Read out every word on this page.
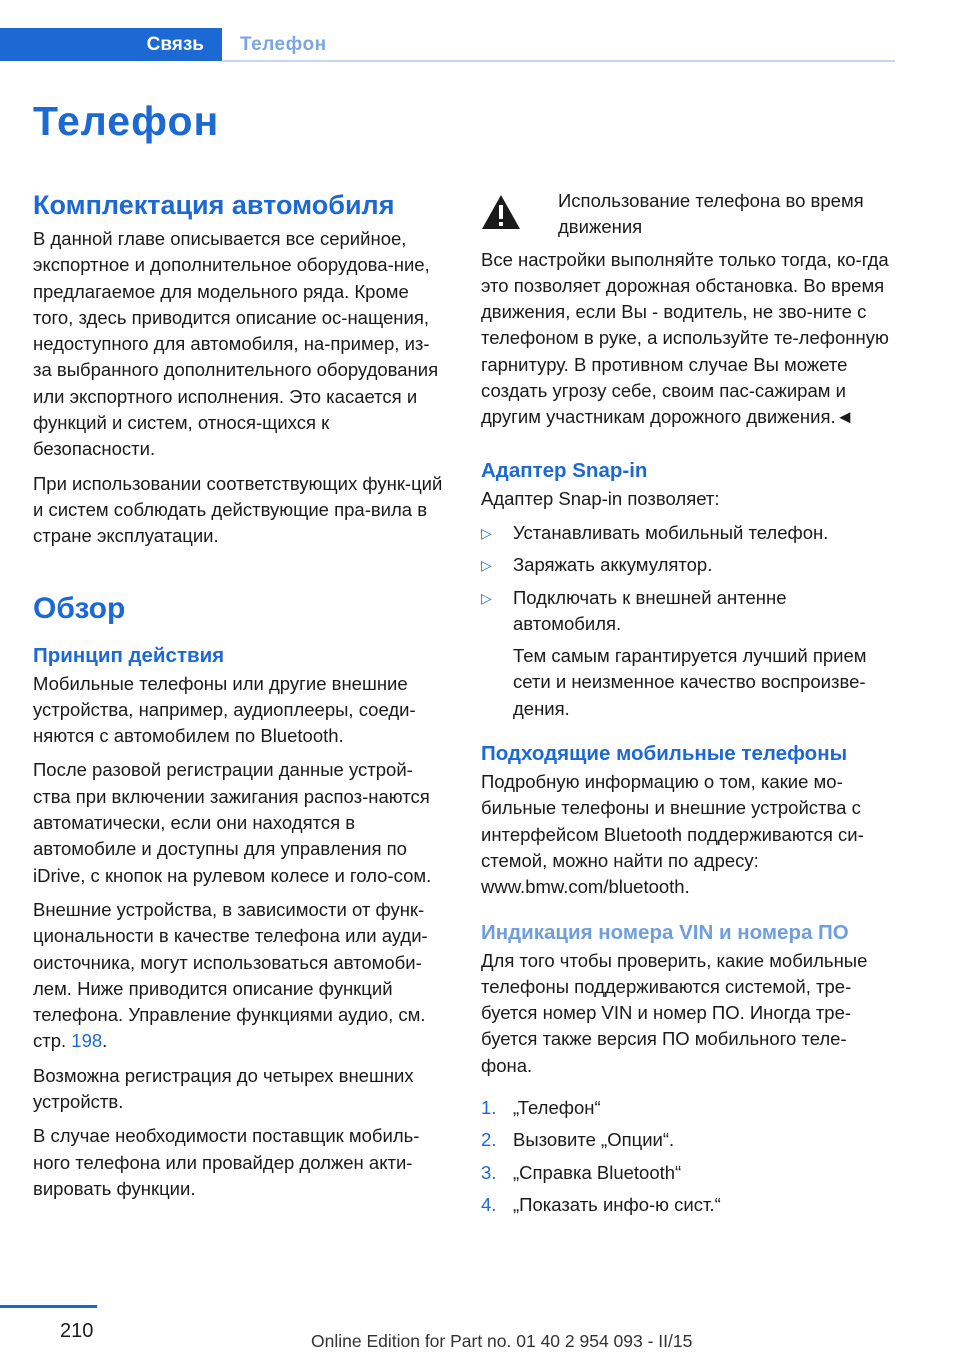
Связь Телефон
Телефон
Комплектация автомобиля

В данной главе описывается все серийное, экспортное и дополнительное оборудова-ние, предлагаемое для модельного ряда. Кроме того, здесь приводится описание ос-нащения, недоступного для автомобиля, на-пример, из-за выбранного дополнительного оборудования или экспортного исполнения. Это касается и функций и систем, относя-щихся к безопасности.

При использовании соответствующих функ-ций и систем соблюдать действующие пра-вила в стране эксплуатации.

Обзор
Принцип действия

Мобильные телефоны или другие внешние устройства, например, аудиоплееры, соеди-няются с автомобилем по Bluetooth.

После разовой регистрации данные устрой-ства при включении зажигания распоз-наются автоматически, если они находятся в автомобиле и доступны для управления по iDrive, с кнопок на рулевом колесе и голо-сом.

Внешние устройства, в зависимости от функ-циональности в качестве телефона или ауди-оисточника, могут использоваться автомоби-лем. Ниже приводится описание функций телефона. Управление функциями аудио, см. стр. 198.

Возможна регистрация до четырех внешних устройств.

В случае необходимости поставщик мобиль-ного телефона или провайдер должен акти-вировать функции.

Использование телефона во время движения

Все настройки выполняйте только тогда, ко-гда это позволяет дорожная обстановка. Во время движения, если Вы - водитель, не зво-ните с телефоном в руке, а используйте те-лефонную гарнитуру. В противном случае Вы можете создать угрозу себе, своим пас-сажирам и другим участникам дорожного движения.◄

Адаптер Snap-in

Адаптер Snap-in позволяет:

▷ Устанавливать мобильный телефон.
▷ Заряжать аккумулятор.
▷ Подключать к внешней антенне автомобиля.
Тем самым гарантируется лучший прием сети и неизменное качество воспроизве-дения.
Подходящие мобильные телефоны

Подробную информацию о том, какие мо-бильные телефоны и внешние устройства с интерфейсом Bluetooth поддерживаются си-стемой, можно найти по адресу: www.bmw.com/bluetooth.

Индикация номера VIN и номера ПО

Для того чтобы проверить, какие мобильные телефоны поддерживаются системой, тре-буется номер VIN и номер ПО. Иногда тре-буется также версия ПО мобильного теле-фона.

1. „Телефон“
2. Вызовите „Опции“.
3. „Справка Bluetooth“
4. „Показать инфо-ю сист.“
210	Online Edition for Part no. 01 40 2 954 093 - II/15
